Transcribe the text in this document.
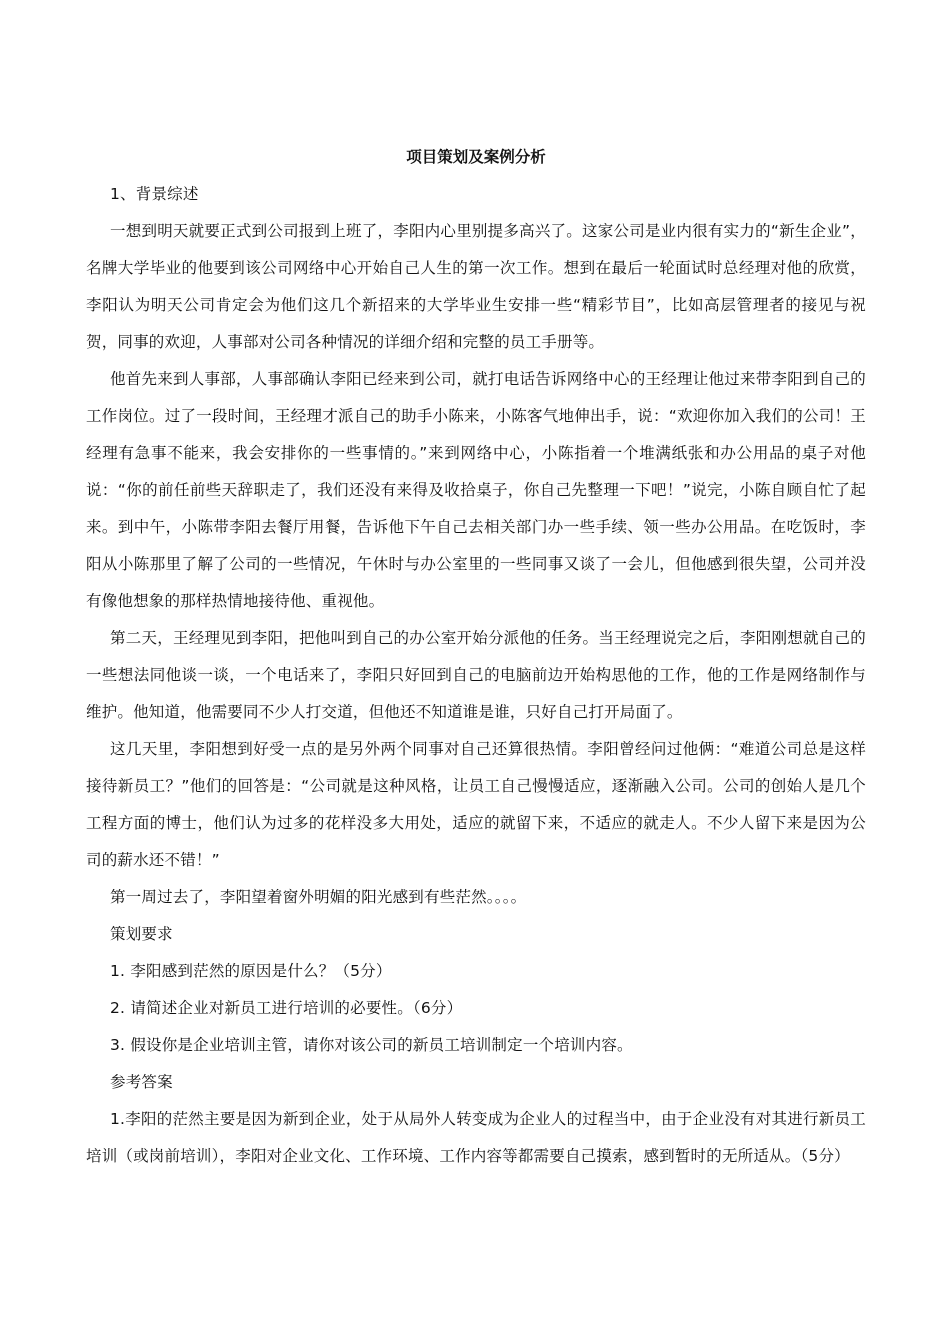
项目策划及案例分析

1、背景综述

一想到明天就要正式到公司报到上班了，李阳内心里别提多高兴了。这家公司是业内很有实力的“新生企业”，名牌大学毕业的他要到该公司网络中心开始自己人生的第一次工作。想到在最后一轮面试时总经理对他的欣赏，李阳认为明天公司肯定会为他们这几个新招来的大学毕业生安排一些“精彩节目”，比如高层管理者的接见与祝贺，同事的欢迎，人事部对公司各种情况的详细介绍和完整的员工手册等。

他首先来到人事部，人事部确认李阳已经来到公司，就打电话告诉网络中心的王经理让他过来带李阳到自己的工作岗位。过了一段时间，王经理才派自己的助手小陈来，小陈客气地伸出手，说：“欢迎你加入我们的公司！王经理有急事不能来，我会安排你的一些事情的。”来到网络中心，小陈指着一个堆满纸张和办公用品的桌子对他说：“你的前任前些天辞职走了，我们还没有来得及收拾桌子，你自己先整理一下吧！”说完，小陈自顾自忙了起来。到中午，小陈带李阳去餐厅用餐，告诉他下午自己去相关部门办一些手续、领一些办公用品。在吃饭时，李阳从小陈那里了解了公司的一些情况，午休时与办公室里的一些同事又谈了一会儿，但他感到很失望，公司并没有像他想象的那样热情地接待他、重视他。

第二天，王经理见到李阳，把他叫到自己的办公室开始分派他的任务。当王经理说完之后，李阳刚想就自己的一些想法同他谈一谈，一个电话来了，李阳只好回到自己的电脑前边开始构思他的工作，他的工作是网络制作与维护。他知道，他需要同不少人打交道，但他还不知道谁是谁，只好自己打开局面了。

这几天里，李阳想到好受一点的是另外两个同事对自己还算很热情。李阳曾经问过他俩：“难道公司总是这样接待新员工？”他们的回答是：“公司就是这种风格，让员工自己慢慢适应，逐渐融入公司。公司的创始人是几个工程方面的博士，他们认为过多的花样没多大用处，适应的就留下来，不适应的就走人。不少人留下来是因为公司的薪水还不错！”

第一周过去了，李阳望着窗外明媚的阳光感到有些茫然。。。。

策划要求

1. 李阳感到茫然的原因是什么？（5分）

2. 请简述企业对新员工进行培训的必要性。（6分）

3. 假设你是企业培训主管，请你对该公司的新员工培训制定一个培训内容。

参考答案

1.李阳的茫然主要是因为新到企业，处于从局外人转变成为企业人的过程当中，由于企业没有对其进行新员工培训（或岗前培训），李阳对企业文化、工作环境、工作内容等都需要自己摸索，感到暂时的无所适从。（5分）
